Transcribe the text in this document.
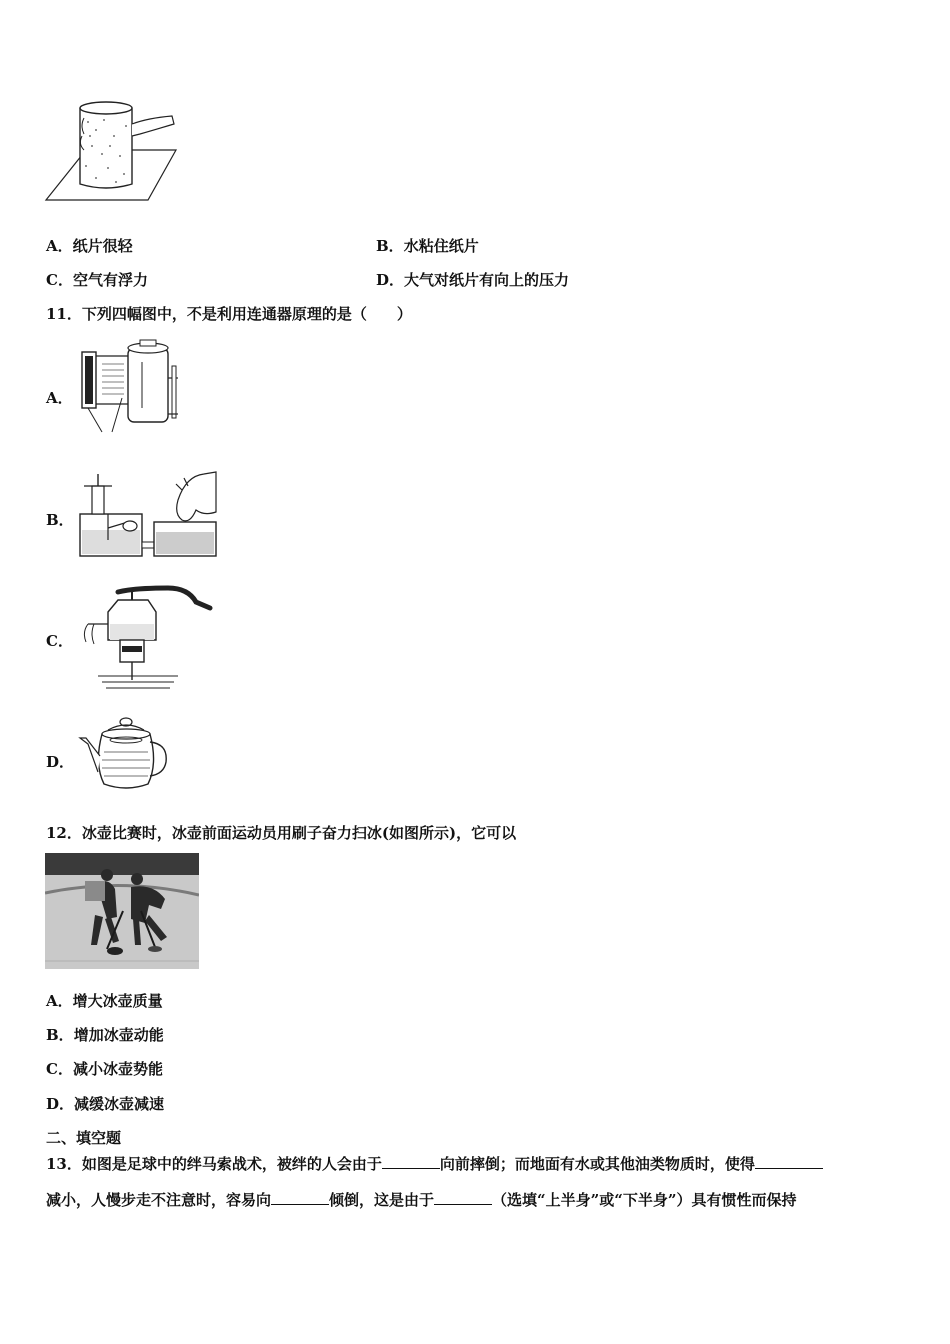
A．纸片很轻	B．水粘住纸片
C．空气有浮力	D．大气对纸片有向上的压力
11．下列四幅图中，不是利用连通器原理的是（　　）
A．
B．
C．
D．
12．冰壶比赛时，冰壶前面运动员用刷子奋力扫冰(如图所示)，它可以
A．增大冰壶质量
B．增加冰壶动能
C．减小冰壶势能
D．减缓冰壶减速
二、填空题
13．如图是足球中的绊马索战术，被绊的人会由于	向前摔倒；而地面有水或其他油类物质时，使得
减小，人慢步走不注意时，容易向	倾倒，这是由于	（选填“上半身”或“下半身”）具有惯性而保持
